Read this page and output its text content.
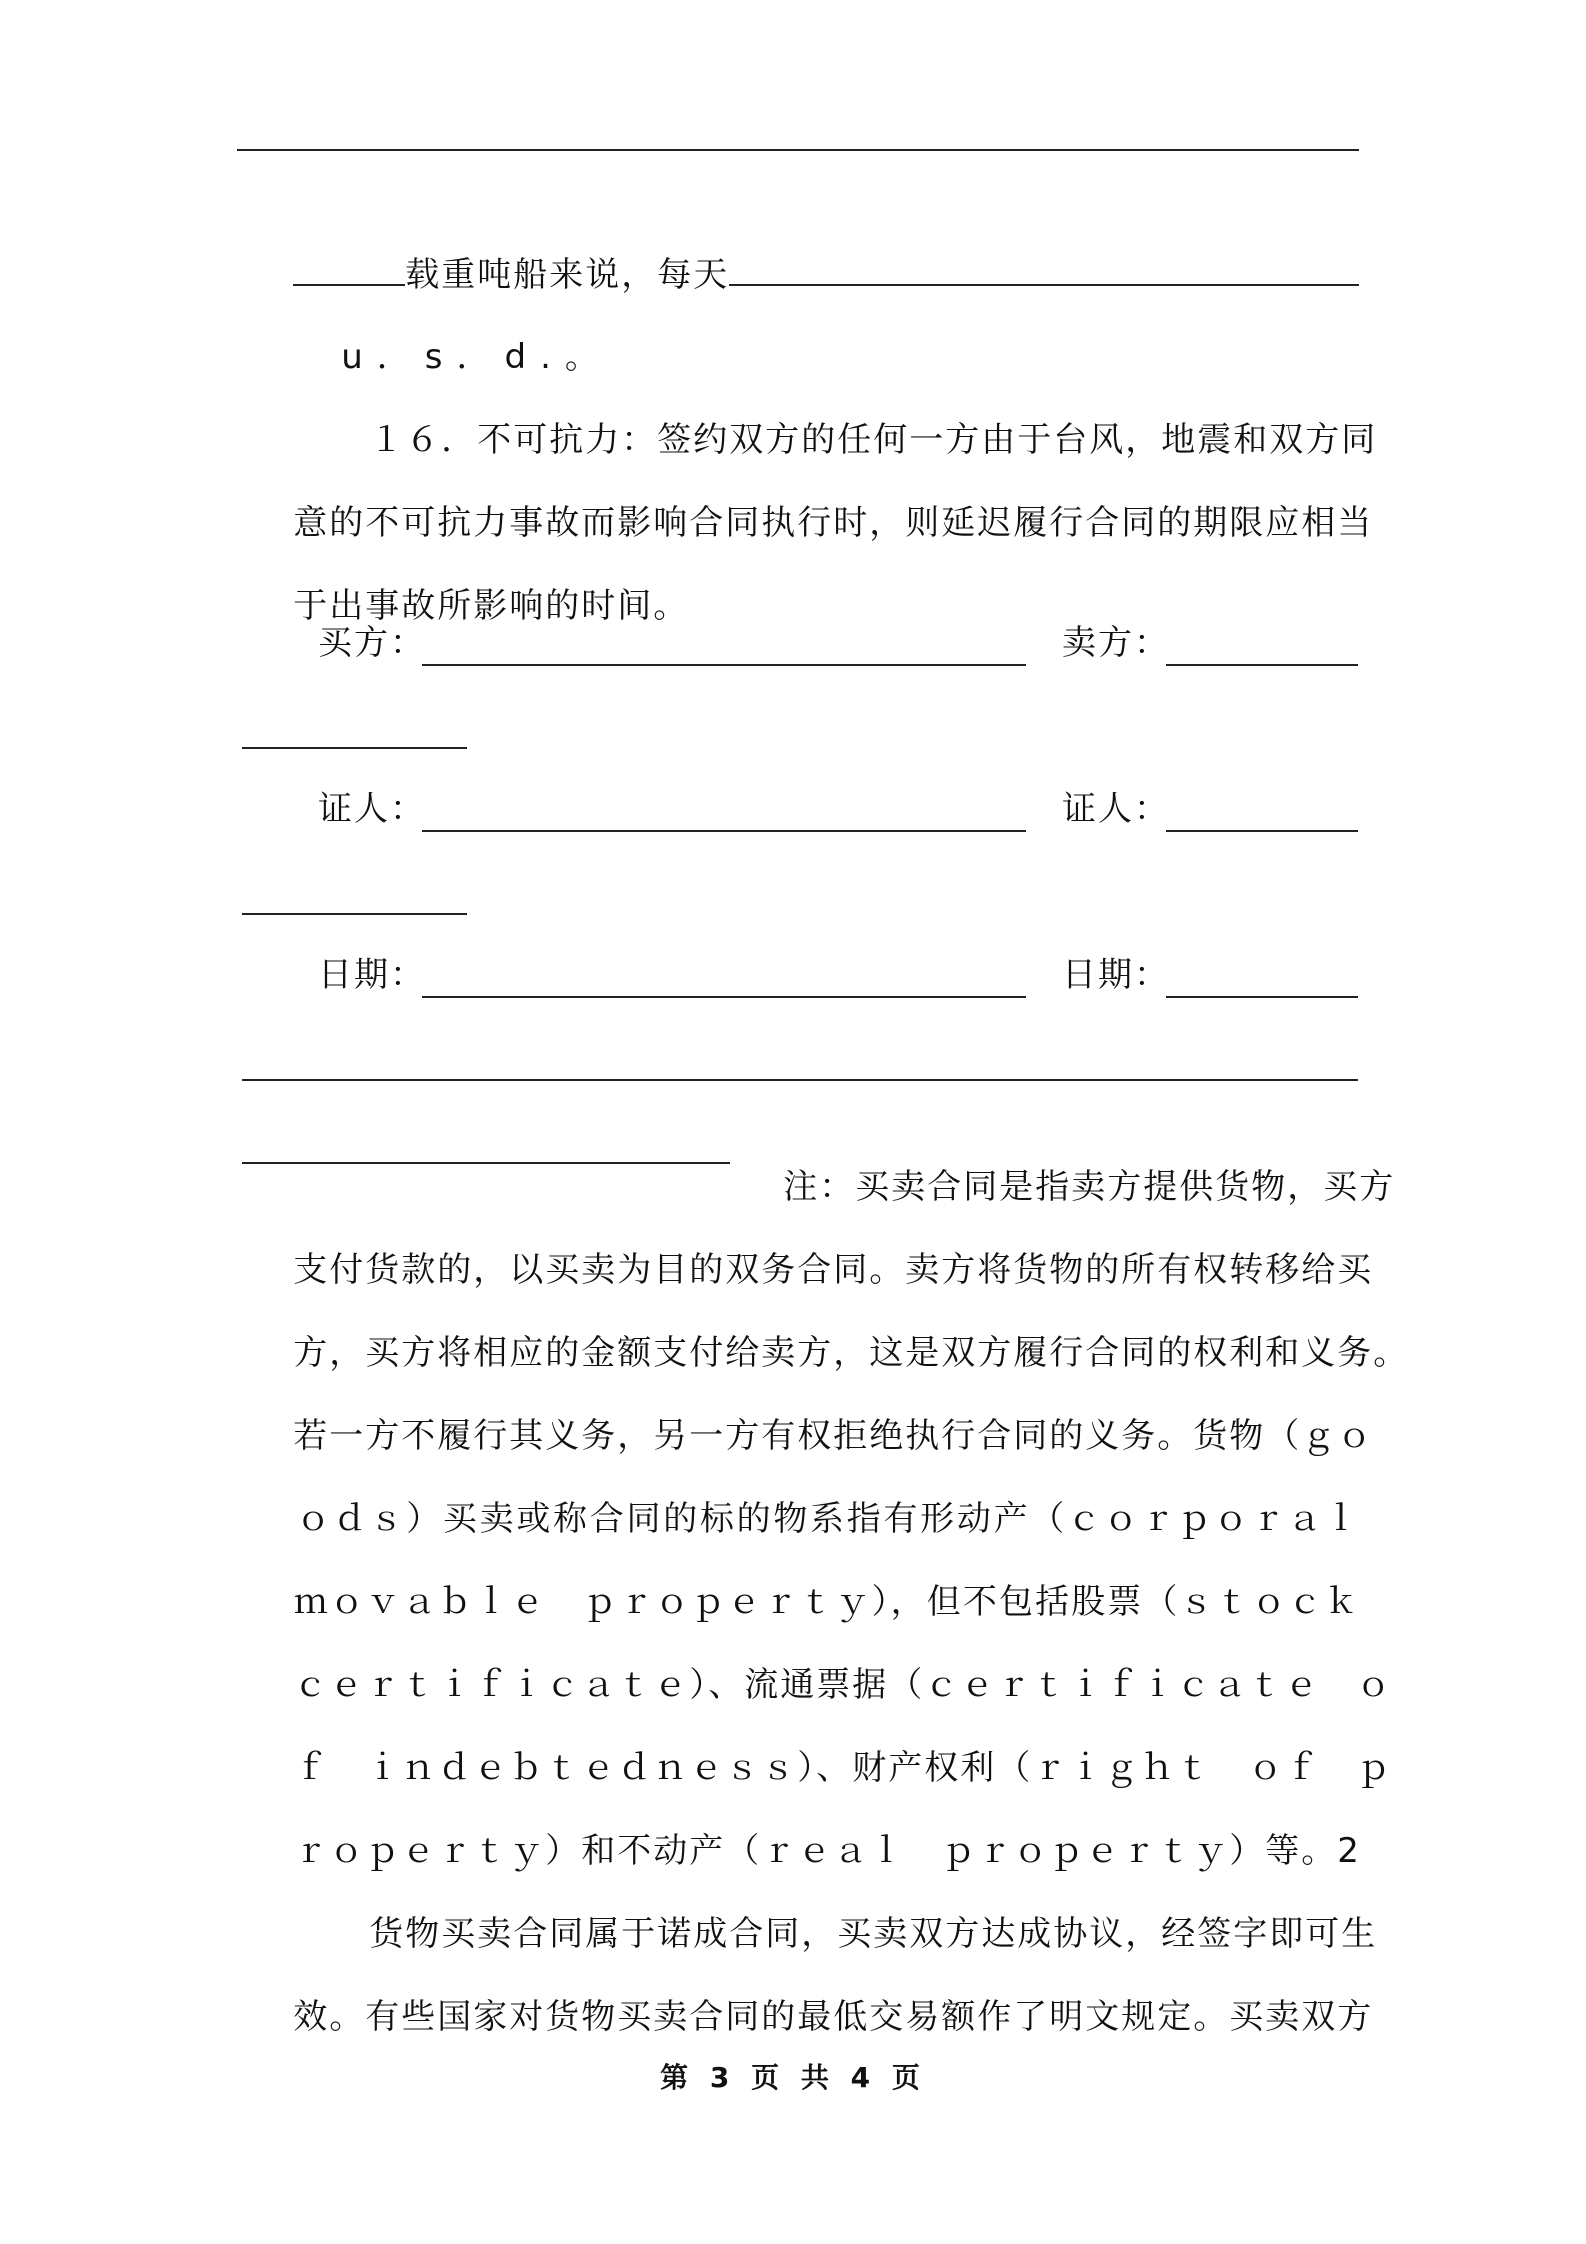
载重吨船来说，每天

u．s．d.。

１６．不可抗力：签约双方的任何一方由于台风，地震和双方同

意的不可抗力事故而影响合同执行时，则延迟履行合同的期限应相当

于出事故所影响的时间。

买方：	卖方：
证人：	证人：
日期：	日期：

注：买卖合同是指卖方提供货物，买方

支付货款的，以买卖为目的双务合同。卖方将货物的所有权转移给买

方，买方将相应的金额支付给卖方，这是双方履行合同的权利和义务。

若一方不履行其义务，另一方有权拒绝执行合同的义务。货物（ｇｏ

ｏｄｓ）买卖或称合同的标的物系指有形动产（ｃｏｒｐｏｒａｌ

ｍｏｖａｂｌｅ　ｐｒｏｐｅｒｔｙ），但不包括股票（ｓｔｏｃｋ

ｃｅｒｔｉｆｉｃａｔｅ）、流通票据（ｃｅｒｔｉｆｉｃａｔｅ　ｏ

ｆ　ｉｎｄｅｂｔｅｄｎｅｓｓ）、财产权利（ｒｉｇｈｔ　ｏｆ　ｐ

ｒｏｐｅｒｔｙ）和不动产（ｒｅａｌ　ｐｒｏｐｅｒｔｙ）等。2

货物买卖合同属于诺成合同，买卖双方达成协议，经签字即可生

效。有些国家对货物买卖合同的最低交易额作了明文规定。买卖双方

第 3 页 共 4 页
